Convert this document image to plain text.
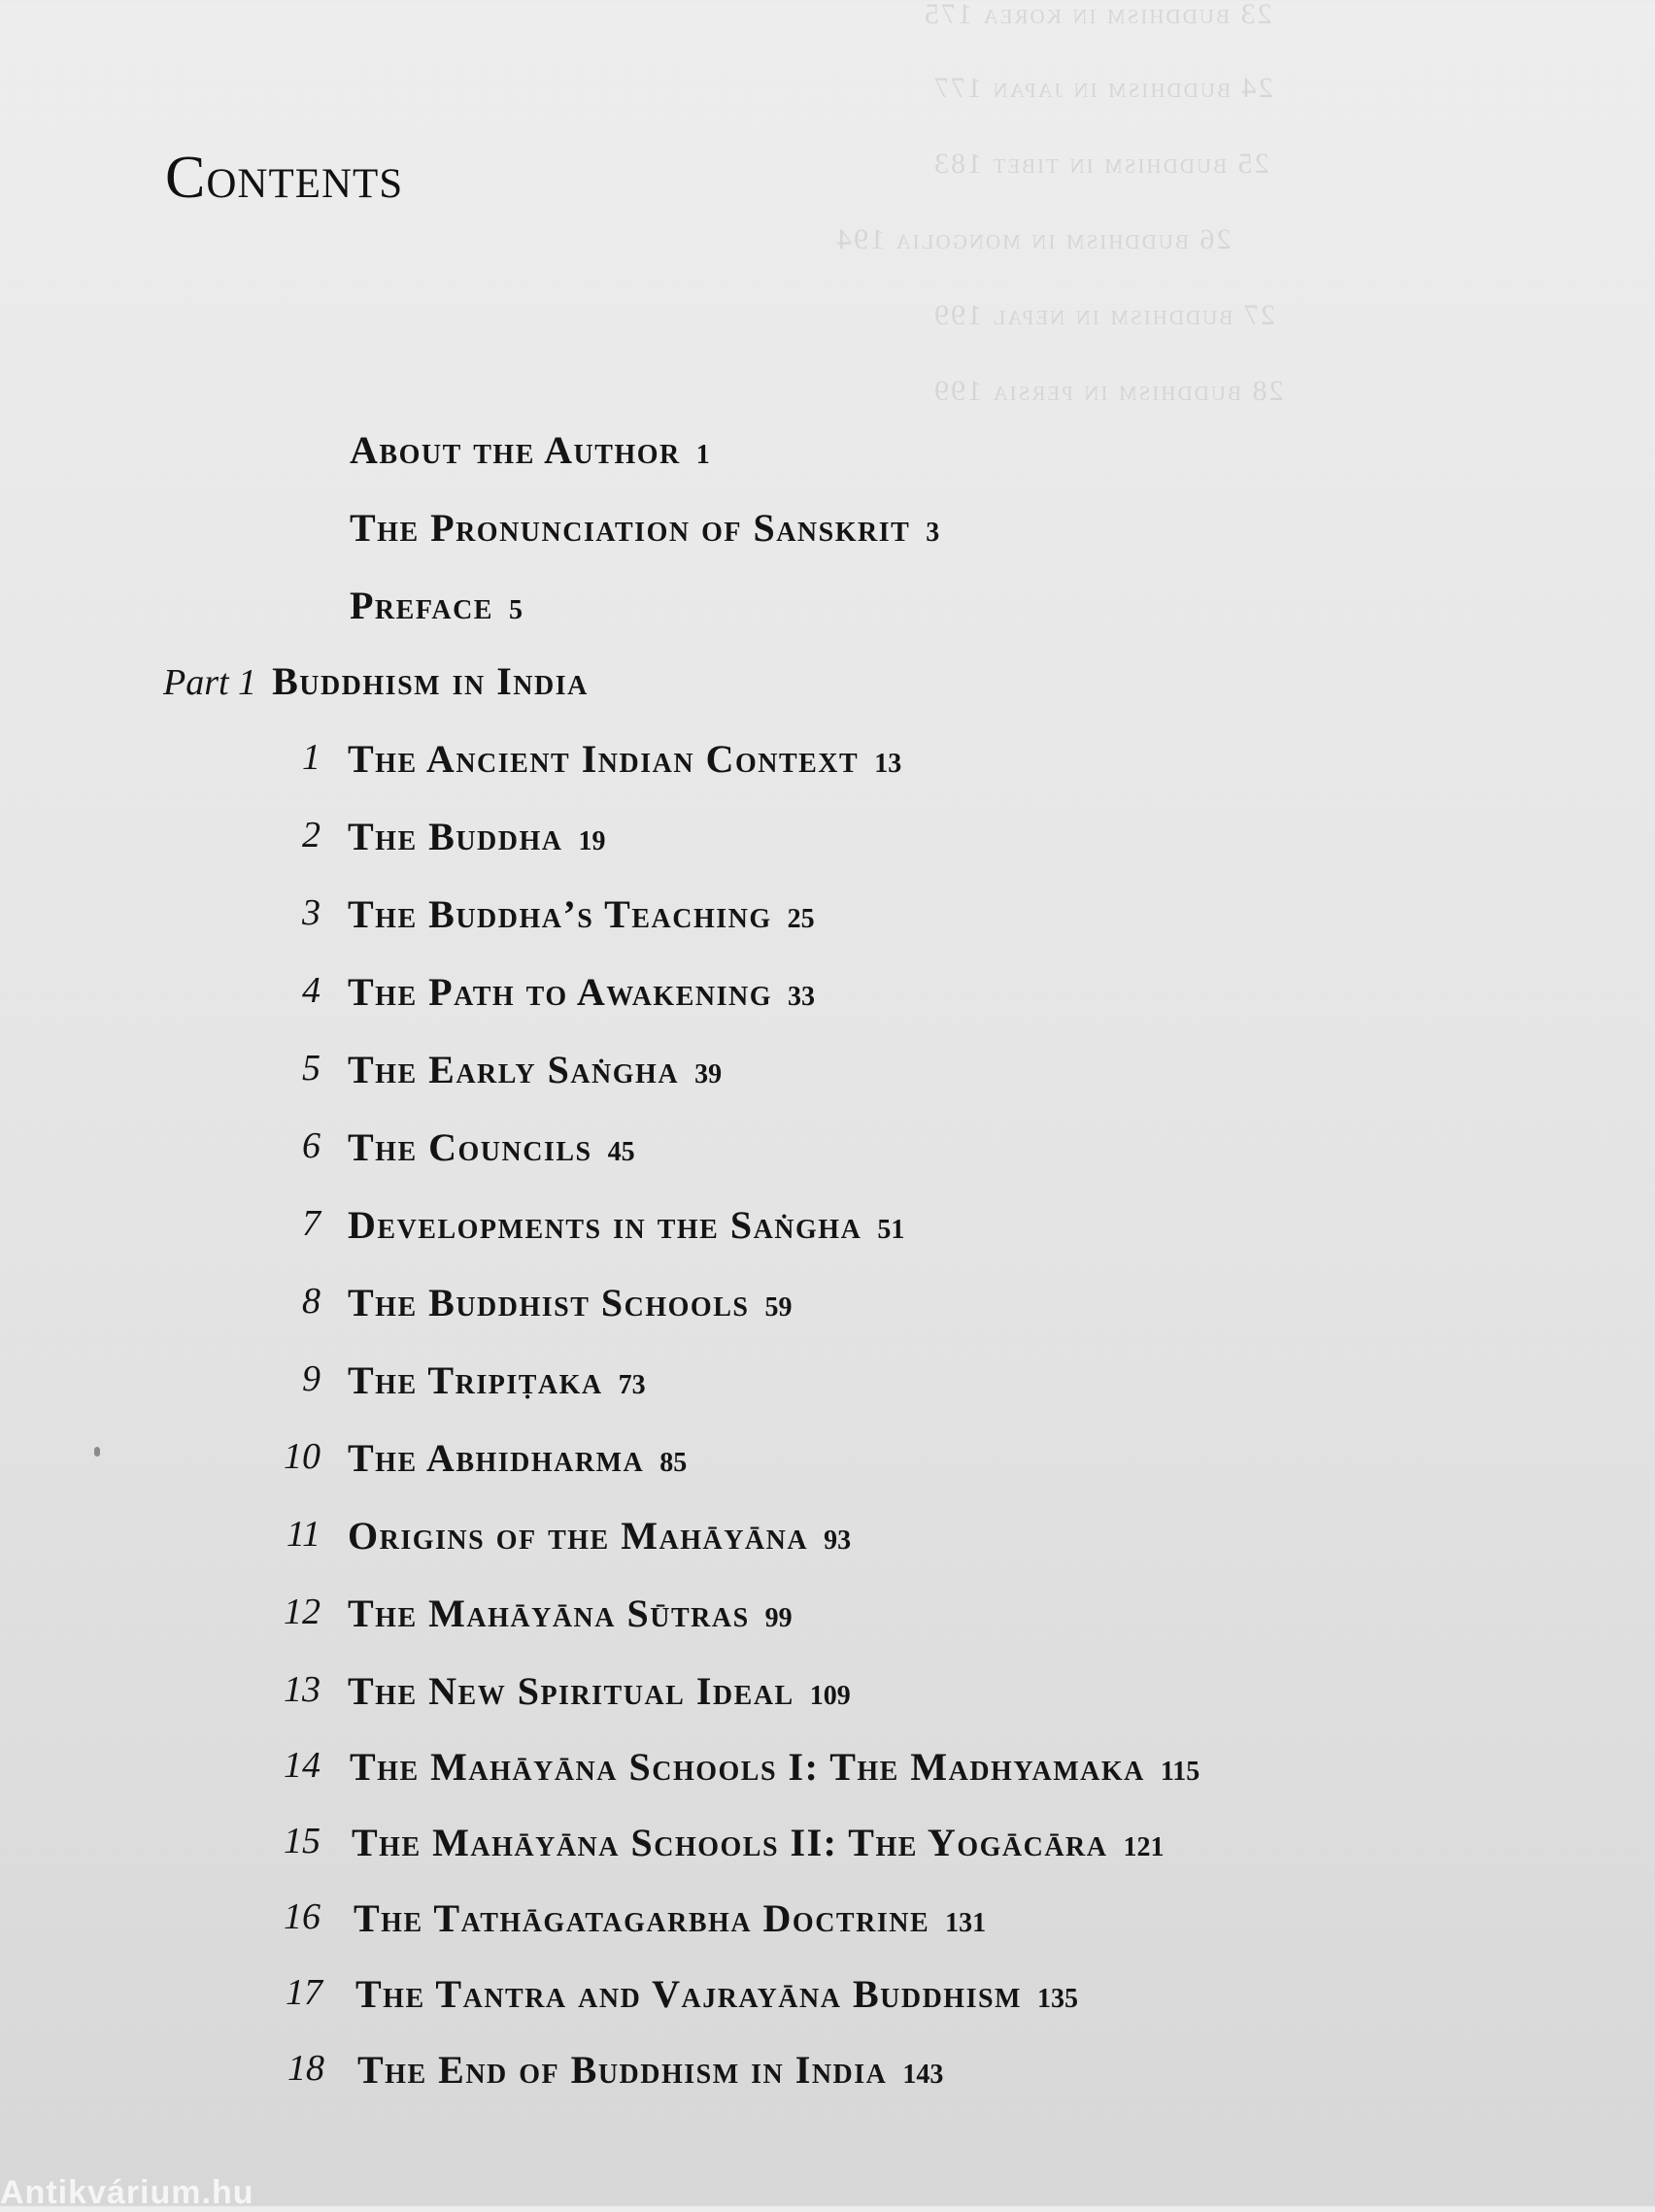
23 buddhism in korea 175
24 buddhism in japan 177
25 buddhism in tibet 183
26 buddhism in mongolia 194
27 buddhism in nepal 199
28 buddhism in persia 199

Contents
About the Author 1
The Pronunciation of Sanskrit 3
Preface 5
Part 1 Buddhism in India
1 The Ancient Indian Context 13
2 The Buddha 19
3 The Buddha’s Teaching 25
4 The Path to Awakening 33
5 The Early Saṅgha 39
6 The Councils 45
7 Developments in the Saṅgha 51
8 The Buddhist Schools 59
9 The Tripiṭaka 73
10 The Abhidharma 85
11 Origins of the Mahāyāna 93
12 The Mahāyāna Sūtras 99
13 The New Spiritual Ideal 109
14 The Mahāyāna Schools I: The Madhyamaka 115
15 The Mahāyāna Schools II: The Yogācāra 121
16 The Tathāgatagarbha Doctrine 131
17 The Tantra and Vajrayāna Buddhism 135
18 The End of Buddhism in India 143
Antikvárium.hu
